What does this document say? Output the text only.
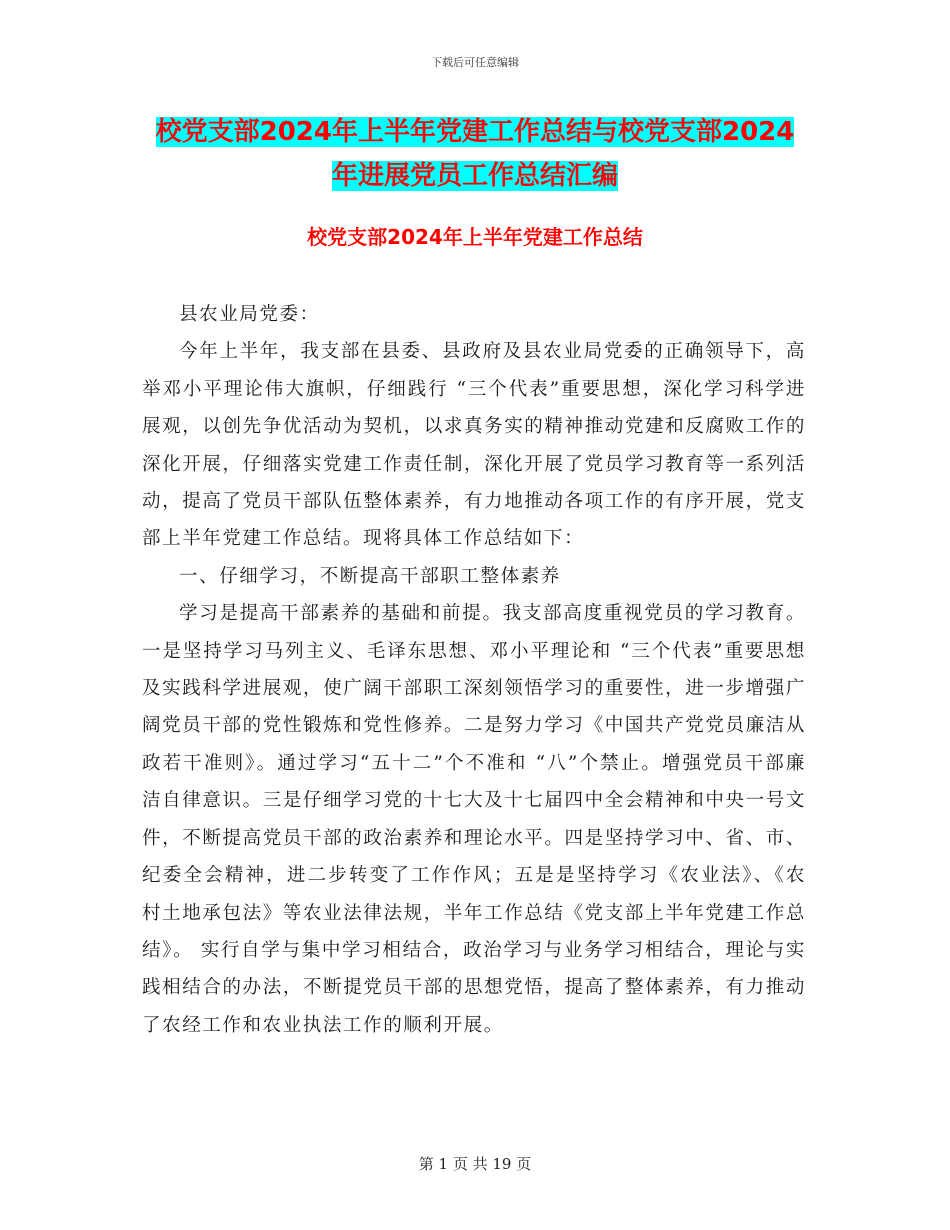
下载后可任意编辑
校党支部2024年上半年党建工作总结与校党支部2024
年进展党员工作总结汇编
校党支部2024年上半年党建工作总结

县农业局党委：

今年上半年，我支部在县委、县政府及县农业局党委的正确领导下，高举邓小平理论伟大旗帜，仔细践行 “三个代表”重要思想，深化学习科学进展观，以创先争优活动为契机，以求真务实的精神推动党建和反腐败工作的深化开展，仔细落实党建工作责任制，深化开展了党员学习教育等一系列活动，提高了党员干部队伍整体素养，有力地推动各项工作的有序开展，党支部上半年党建工作总结。现将具体工作总结如下：

一、仔细学习，不断提高干部职工整体素养

学习是提高干部素养的基础和前提。我支部高度重视党员的学习教育。一是坚持学习马列主义、毛译东思想、邓小平理论和 “三个代表”重要思想及实践科学进展观，使广阔干部职工深刻领悟学习的重要性，进一步增强广阔党员干部的党性锻炼和党性修养。二是努力学习《中国共产党党员廉洁从政若干准则》。通过学习“五十二”个不准和 “八”个禁止。增强党员干部廉洁自律意识。三是仔细学习党的十七大及十七届四中全会精神和中央一号文件，不断提高党员干部的政治素养和理论水平。四是坚持学习中、省、市、纪委全会精神，进二步转变了工作作风；五是是坚持学习《农业法》、《农村土地承包法》等农业法律法规，半年工作总结《党支部上半年党建工作总结》。 实行自学与集中学习相结合，政治学习与业务学习相结合，理论与实践相结合的办法，不断提党员干部的思想党悟，提高了整体素养，有力推动了农经工作和农业执法工作的顺利开展。

第 1 页 共 19 页
